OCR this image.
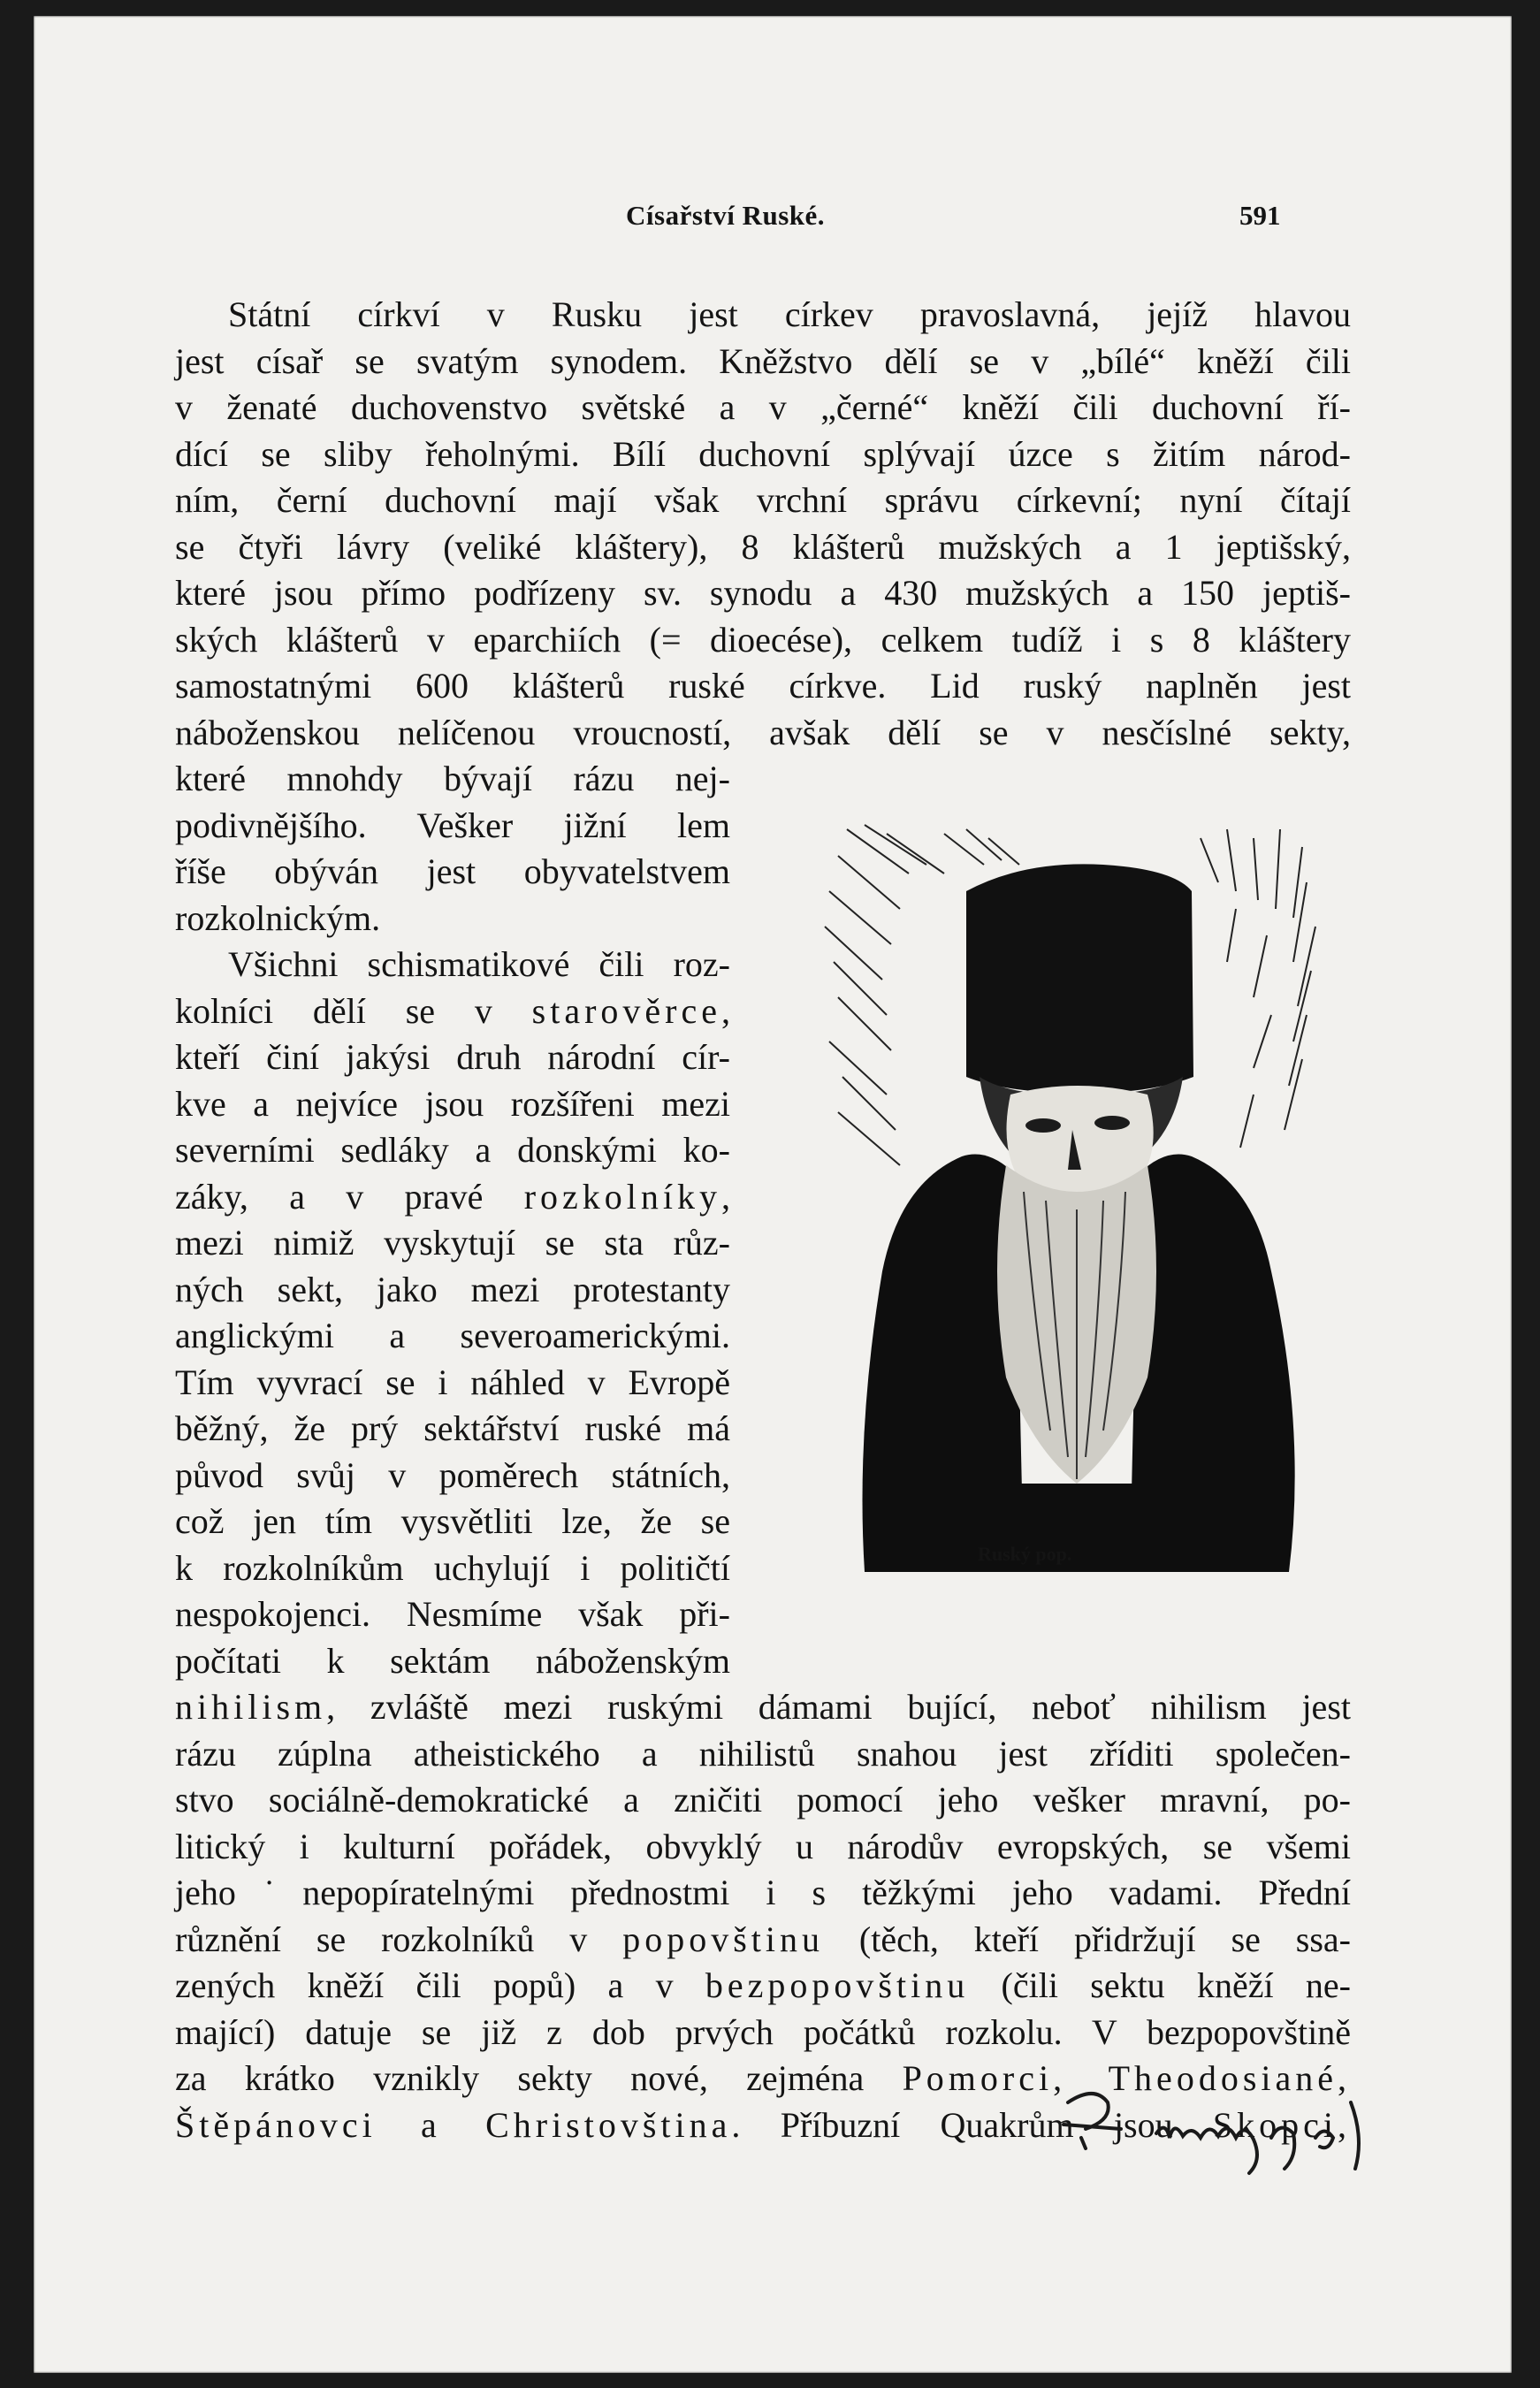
Císařství Ruské.	591
Státní církví v Rusku jest církev pravoslavná, jejíž hlavou
jest císař se svatým synodem. Kněžstvo dělí se v „bílé“ kněží čili
v ženaté duchovenstvo světské a v „černé“ kněží čili duchovní ří-
dící se sliby řeholnými. Bílí duchovní splývají úzce s žitím národ-
ním, černí duchovní mají však vrchní správu církevní; nyní čítají
se čtyři lávry (veliké kláštery), 8 klášterů mužských a 1 jeptišský,
které jsou přímo podřízeny sv. synodu a 430 mužských a 150 jeptiš-
ských klášterů v eparchiích (= dioecése), celkem tudíž i s 8 kláštery
samostatnými 600 klášterů ruské církve. Lid ruský naplněn jest
náboženskou nelíčenou vroucností, avšak dělí se v nesčíslné sekty,
které mnohdy bývají rázu nej-
podivnějšího. Vešker jižní lem
říše obýván jest obyvatelstvem
rozkolnickým.
Všichni schismatikové čili roz-
kolníci dělí se v starověrce,
kteří činí jakýsi druh národní cír-
kve a nejvíce jsou rozšířeni mezi
severními sedláky a donskými ko-
záky, a v pravé rozkolníky,
mezi nimiž vyskytují se sta růz-
ných sekt, jako mezi protestanty
anglickými a severoamerickými.
Tím vyvrací se i náhled v Evropě
běžný, že prý sektářství ruské má
původ svůj v poměrech státních,
což jen tím vysvětliti lze, že se
k rozkolníkům uchylují i političtí
nespokojenci. Nesmíme však při-
počítati k sektám náboženským
nihilism, zvláště mezi ruskými dámami bující, neboť nihilism jest
rázu zúplna atheistického a nihilistů snahou jest zříditi společen-
stvo sociálně-demokratické a zničiti pomocí jeho vešker mravní, po-
litický i kulturní pořádek, obvyklý u národův evropských, se všemi
jeho˙nepopíratelnými přednostmi i s těžkými jeho vadami. Přední
různění se rozkolníků v popovštinu (těch, kteří přidržují se ssa-
zených kněží čili popů) a v bezpopovštinu (čili sektu kněží ne-
mající) datuje se již z dob prvých počátků rozkolu. V bezpopovštině
za krátko vznikly sekty nové, zejména Pomorci, Theodosiané,
Štěpánovci a Christovština. Příbuzní Quakrům jsou Skopci,
Ruský pop.
